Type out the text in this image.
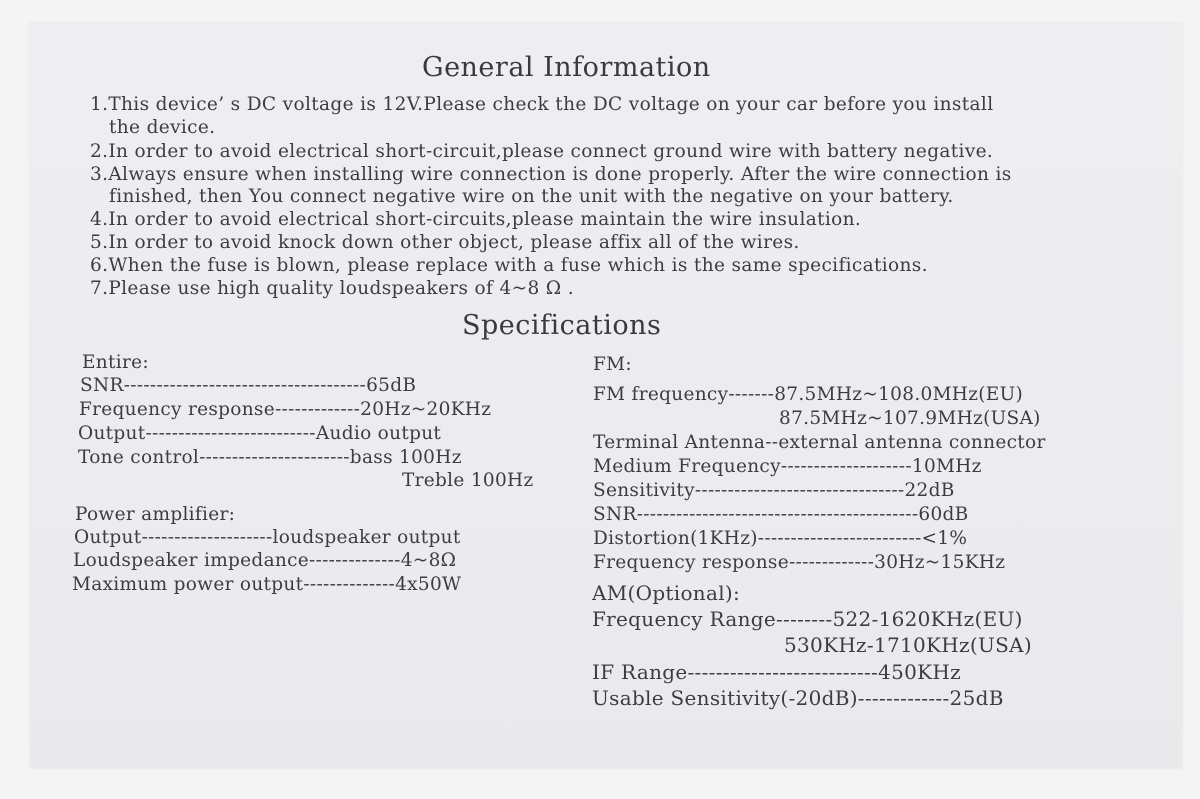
General Information
1.This device’ s DC voltage is 12V.Please check the DC voltage on your car before you install
the device.
2.In order to avoid electrical short-circuit,please connect ground wire with battery negative.
3.Always ensure when installing wire connection is done properly. After the wire connection is
finished, then You connect negative wire on the unit with the negative on your battery.
4.In order to avoid electrical short-circuits,please maintain the wire insulation.
5.In order to avoid knock down other object, please affix all of the wires.
6.When the fuse is blown, please replace with a fuse which is the same specifications.
7.Please use high quality loudspeakers of 4~8 Ω .
Specifications
Entire:
SNR-------------------------------------65dB
Frequency response-------------20Hz~20KHz
Output--------------------------Audio output
Tone control-----------------------bass 100Hz
Treble 100Hz
Power amplifier:
Output--------------------loudspeaker output
Loudspeaker impedance--------------4~8Ω
Maximum power output--------------4x50W
FM:
FM frequency-------87.5MHz~108.0MHz(EU)
87.5MHz~107.9MHz(USA)
Terminal Antenna--external antenna connector
Medium Frequency--------------------10MHz
Sensitivity--------------------------------22dB
SNR-------------------------------------------60dB
Distortion(1KHz)-------------------------<1%
Frequency response-------------30Hz~15KHz
AM(Optional):
Frequency Range--------522-1620KHz(EU)
530KHz-1710KHz(USA)
IF Range---------------------------450KHz
Usable Sensitivity(-20dB)-------------25dB
